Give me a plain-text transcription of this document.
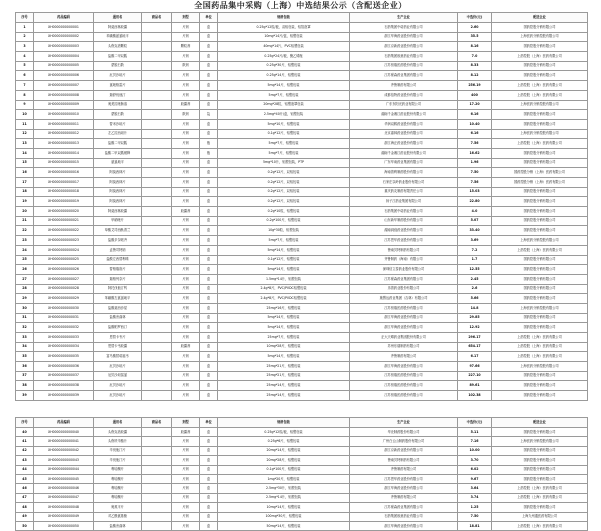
全国药品集中采购（上海）中选结果公示（含配送企业）
序号	药品编码	通用名	商品名	剂型	单位	规格包装	生产企业	中选价(元)	配送企业
1	XH0000000000001	阿莫西林胶囊		片剂	盒	0.25g*12粒/板，双铝包装，铝箔泡罩	石药集团中诺药业有限公司	2.60	国药控股分销有限公司
2	XH0000000000002	苯磺酸氨氯地平		片剂	盒	10mg*14片/盒，铝塑包装	浙江华海药业股份有限公司	35.5	上海医药分销控股有限公司
3	XH0000000000003	头孢克洛颗粒		颗粒剂	盒	40mg*14片，PVC铝塑包装	浙江京新药业股份有限公司	8.16	国药控股分销有限公司
4	XH0000000000004	盐酸二甲双胍		片剂	盒	0.25g*24片/板，聚乙烯瓶	石药集团欧意药业有限公司	7.0	上药控股（上海）医药有限公司
5	XH0000000000005	蒙脱石散		散剂	盒	0.25g*30片，铝塑包装	江苏恒瑞医药股份有限公司	8.33	国药控股分销有限公司
6	XH0000000000006	厄贝沙坦片		片剂	盒	0.25g*14片，铝塑包装	江苏豪森药业集团有限公司	8.12	国药控股分销有限公司
7	XH0000000000007	氯吡格雷片		片剂	盒	5mg*14片，铝塑包装	齐鲁制药有限公司	256.19	上药控股（上海）医药有限公司
8	XH0000000000008	瑞舒伐他汀		片剂	盒	5mg*7片，铝塑包装	成都倍特药业股份有限公司	400	上药控股（上海）医药有限公司
9	XH0000000000009	奥美拉唑肠溶		胶囊剂	盒	20mg*28粒，铝塑泡罩包装	广东东阳光药业有限公司	17.20	上海医药分销控股有限公司
10	XH0000000000010	蒙脱石散		散剂	袋	2.5mg*40片/盒，铝塑包装	湖南千金湘江药业股份有限公司	6.16	国药控股分销有限公司
11	XH0000000000011	替米沙坦片		片剂	盒	5mg*10片，铝塑包装	华润双鹤药业股份有限公司	10.40	国药控股分销有限公司
12	XH0000000000012	左乙拉西坦片		片剂	盒	0.1g*12片，铝塑包装	北京嘉林药业股份有限公司	6.16	上海医药分销控股有限公司
13	XH0000000000013	盐酸二甲双胍		片剂	瓶	5mg*7片，铝塑包装	浙江海正药业股份有限公司	7.56	上药控股（上海）医药有限公司
14	XH0000000000014	盐酸二甲双胍缓释		片剂	瓶	5mg*7片，铝塑包装	湖南千金湘江药业股份有限公司	16.62	国药控股分销有限公司
15	XH0000000000015	氨氯地平		片剂	盒	5mg*10片，铝塑包装，PTP	广东华南药业集团有限公司	1.96	国药控股分销有限公司
16	XH0000000000016	阿莫西林片		片剂	盒	0.2g*12片，双铝包装	海南普利制药股份有限公司	7.50	国药控股分销（上海）医药有限公司
17	XH0000000000017	阿莫西林片		片剂	盒	0.2g*12片，双铝包装	石家庄以岭药业股份有限公司	7.56	国药控股分销（上海）医药有限公司
18	XH0000000000018	阿莫西林片		片剂	盒	0.2g*12片，双铝包装	重庆药友制药有限责任公司	15.03	国药控股分销有限公司
19	XH0000000000019	阿莫西林片		片剂	盒	0.2g*12片，双铝包装	扬子江药业集团有限公司	22.80	国药控股分销有限公司
20	XH0000000000020	阿莫西林胶囊		胶囊剂	盒	0.2g*10粒，铝塑包装	石药集团中诺药业有限公司	4.0	国药控股分销有限公司
21	XH0000000000021	甲硝唑片		片剂	盒	0.2g*100片，铝塑包装	山东新华制药股份有限公司	5.07	国药控股分销有限公司
22	XH0000000000022	草酸艾司西酞普兰		片剂	盒	10g*30粒，铝塑包装	湖南洞庭药业股份有限公司	33.40	国药控股分销有限公司
23	XH0000000000023	盐酸多奈哌齐		片剂	盒	5mg*7片，铝塑包装	江苏恩华药业股份有限公司	3.69	上海医药分销控股有限公司
24	XH0000000000024	孟鲁司特钠		片剂	盒	5mg*14片，铝塑包装	鲁南贝特制药有限公司	7.2	上药控股（上海）医药有限公司
25	XH0000000000025	盐酸左西替利嗪		片剂	盒	0.1g*12片，铝塑包装	齐鲁制药（海南）有限公司	1.7	国药控股分销有限公司
26	XH0000000000026	替格瑞洛片		片剂	盒	5mg*14片，铝塑包装	深圳信立泰药业股份有限公司	12.55	国药控股分销有限公司
27	XH0000000000027	瑞格列奈片		片剂	盒	1.5mg*14片，铝塑包装	江苏豪森药业集团有限公司	2.45	国药控股分销有限公司
28	XH0000000000028	阿托伐他汀钙		片剂	盒	2.4g*8片，PVC/PVDC铝塑包装	乐普药业股份有限公司	2.6	国药控股分销有限公司
29	XH0000000000029	苯磺酸左氨氯地平		片剂	盒	2.4g*8片，PVC/PVDC铝塑包装	施慧达药业集团（吉林）有限公司	5.66	国药控股分销有限公司
30	XH0000000000030	盐酸莫西沙星		片剂	盒	25mg*16片，铝塑包装	江苏恒瑞医药股份有限公司	14.8	上海医药分销控股有限公司
31	XH0000000000031	盐酸舍曲林		片剂	盒	5mg*14片，铝塑包装	浙江华海药业股份有限公司	29.85	国药控股分销有限公司
32	XH0000000000032	盐酸帕罗西汀		片剂	盒	5mg*14片，铝塑包装	浙江华海药业股份有限公司	12.92	国药控股分销有限公司
33	XH0000000000033	恩替卡韦片		片剂	盒	25mg*7片，铝塑包装	正大天晴药业集团股份有限公司	296.17	上药控股（上海）医药有限公司
34	XH0000000000034	恩替卡韦胶囊		胶囊剂	盒	10mg*28片，铝塑包装	苏州东瑞制药有限公司	654.17	上药控股（上海）医药有限公司
35	XH0000000000035	富马酸替诺福韦		片剂	盒	5mg*14片，铝塑包装	齐鲁制药有限公司	6.17	上药控股（上海）医药有限公司
36	XH0000000000036	厄贝沙坦片		片剂	盒	25mg*21片，铝塑包装	浙江华海药业股份有限公司	97.66	上海医药分销控股有限公司
37	XH0000000000037	厄贝沙坦氢氯		片剂	盒	25mg*21片，铝塑包装	江苏恒瑞医药股份有限公司	227.10	国药控股分销有限公司
38	XH0000000000038	厄贝沙坦片		片剂	盒	25mg*14片，铝塑包装	江苏恒瑞医药股份有限公司	89.61	国药控股分销有限公司
39	XH0000000000039	厄贝沙坦片		片剂	盒	25mg*14片，铝塑包装	江苏恒瑞医药股份有限公司	102.38	国药控股分销有限公司
序号	药品编码	通用名	商品名	剂型	单位	规格包装	生产企业	中选价(元)	配送企业
40	XH0000000000040	头孢克洛胶囊		胶囊剂	盒	0.25g*12粒/板，铝塑包装	华北制药股份有限公司	5.11	国药控股分销有限公司
41	XH0000000000041	头孢呋辛酯片		片剂	盒	0.25g*6片，铝塑包装	广州白云山制药股份有限公司	7.16	上海医药分销控股有限公司
42	XH0000000000042	辛伐他汀片		片剂	盒	20mg*14片，铝塑包装	浙江京新药业股份有限公司	10.00	国药控股分销有限公司
43	XH0000000000043	辛伐他汀片		片剂	盒	20mg*28片，铝塑包装	鲁南贝特制药有限公司	3.70	国药控股分销有限公司
44	XH0000000000044	利培酮片		片剂	盒	0.1g*100片，铝塑包装	齐鲁制药有限公司	6.02	国药控股分销有限公司
45	XH0000000000045	利培酮片		片剂	盒	1mg*20片，铝塑包装	江苏恩华药业股份有限公司	9.67	国药控股分销有限公司
46	XH0000000000046	利培酮片		片剂	盒	2.5mg*30片，铝塑包装	浙江华海药业股份有限公司	3.64	上药控股（上海）医药有限公司
47	XH0000000000047	利培酮片		片剂	盒	2.5mg*14片，铝塑包装	齐鲁制药有限公司	3.74	上药控股（上海）医药有限公司
48	XH0000000000048	奥氮平片		片剂	盒	10mg*14片，铝塑包装	江苏豪森药业集团有限公司	1.25	国药控股分销有限公司
49	XH0000000000049	对乙酰氨基酚		片剂	盒	100mg*30片，铝塑包装	石药集团欧意药业有限公司	7.50	上海九州通医药有限公司
50	XH0000000000050	盐酸舍曲林		片剂	盒	50mg*14片，铝塑包装	浙江华海药业股份有限公司	18.81	上药控股（上海）医药有限公司
